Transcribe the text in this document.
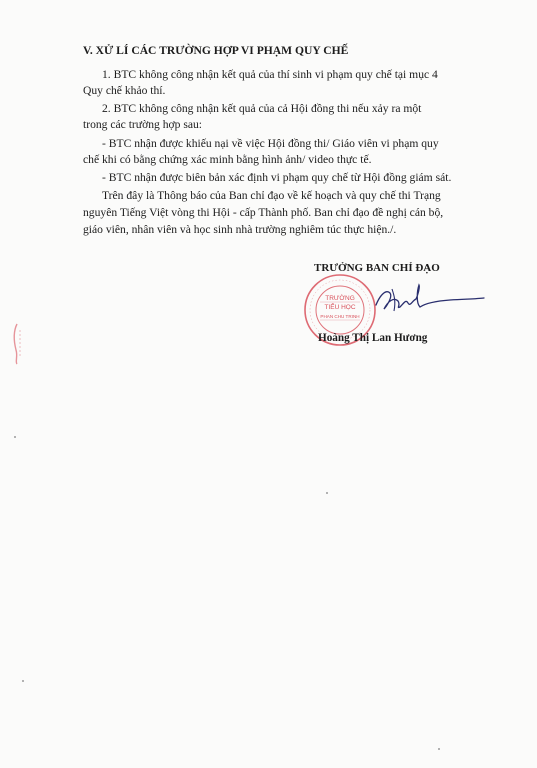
V. XỬ LÍ CÁC TRƯỜNG HỢP VI PHẠM QUY CHẾ
1. BTC không công nhận kết quả của thí sinh vi phạm quy chế tại mục 4
Quy chế khảo thí.
2. BTC không công nhận kết quả của cả Hội đồng thi nếu xảy ra một
trong các trường hợp sau:
- BTC nhận được khiếu nại về việc Hội đồng thi/ Giáo viên vi phạm quy
chế khi có bằng chứng xác minh bằng hình ảnh/ video thực tế.
- BTC nhận được biên bản xác định vi phạm quy chế từ Hội đồng giám sát.
Trên đây là Thông báo của Ban chỉ đạo về kế hoạch và quy chế thi Trạng
nguyên Tiếng Việt vòng thi Hội - cấp Thành phố. Ban chỉ đạo đề nghị cán bộ,
giáo viên, nhân viên và học sinh nhà trường nghiêm túc thực hiện./.
TRƯỞNG BAN CHỈ ĐẠO
TRƯỜNG
TIỂU HỌC
PHAN CHU TRINH
Hoàng Thị Lan Hương
